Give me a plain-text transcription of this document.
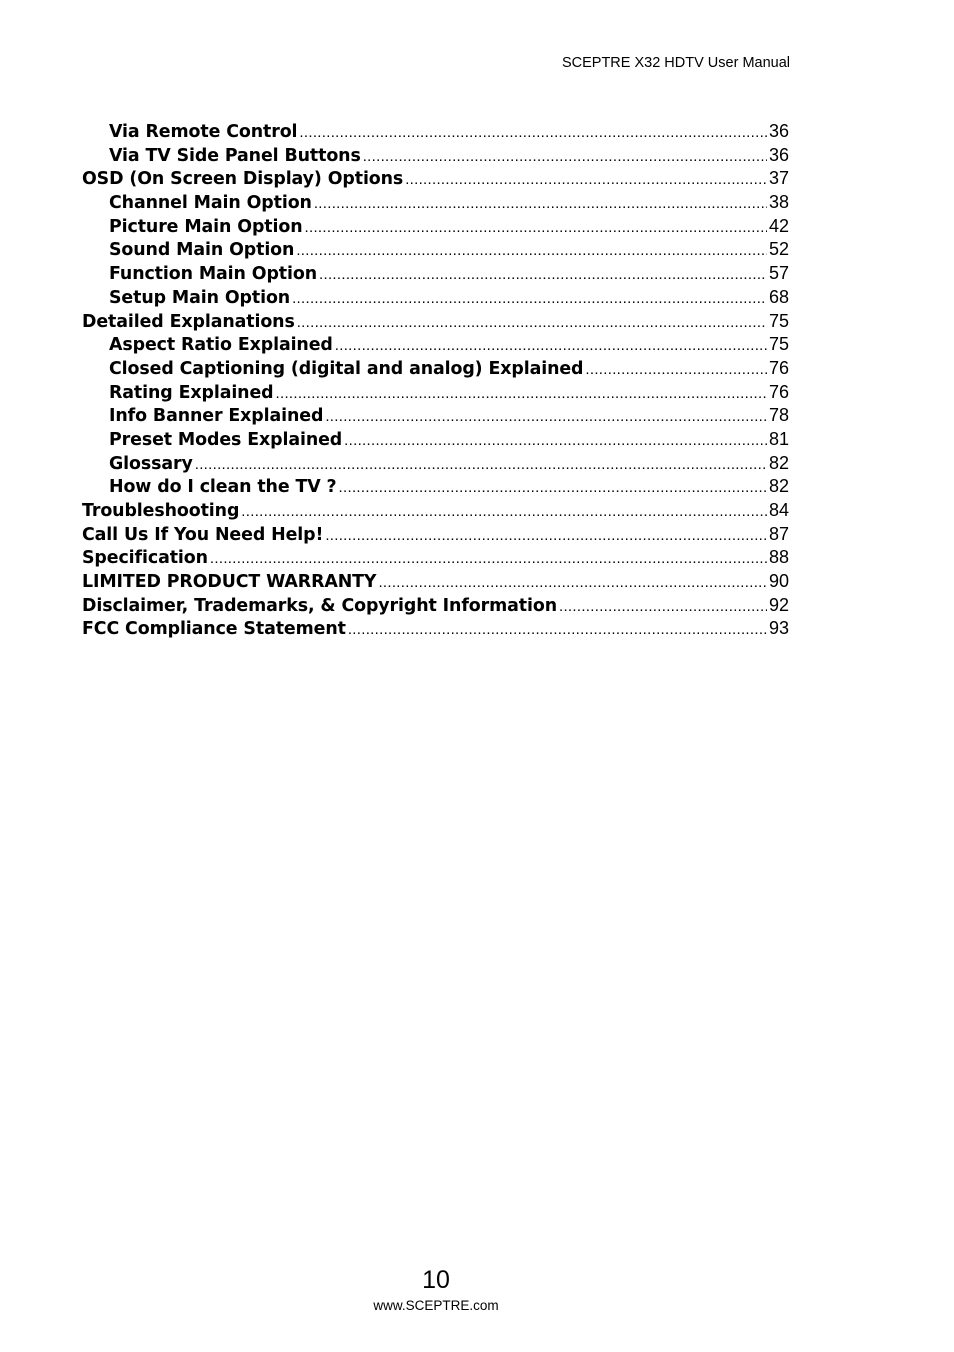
SCEPTRE X32 HDTV User Manual
Via Remote Control .....	36
Via TV Side Panel Buttons .....	36
OSD (On Screen Display) Options .....	37
Channel Main Option .....	38
Picture Main Option .....	42
Sound Main Option .....	52
Function Main Option .....	57
Setup Main Option .....	68
Detailed Explanations .....	75
Aspect Ratio Explained .....	75
Closed Captioning (digital and analog) Explained .....	76
Rating Explained .....	76
Info Banner Explained .....	78
Preset Modes Explained .....	81
Glossary .....	82
How do I clean the TV ? .....	82
Troubleshooting .....	84
Call Us If You Need Help! .....	87
Specification .....	88
LIMITED PRODUCT WARRANTY .....	90
Disclaimer, Trademarks, & Copyright Information .....	92
FCC Compliance Statement .....	93
10
www.SCEPTRE.com
